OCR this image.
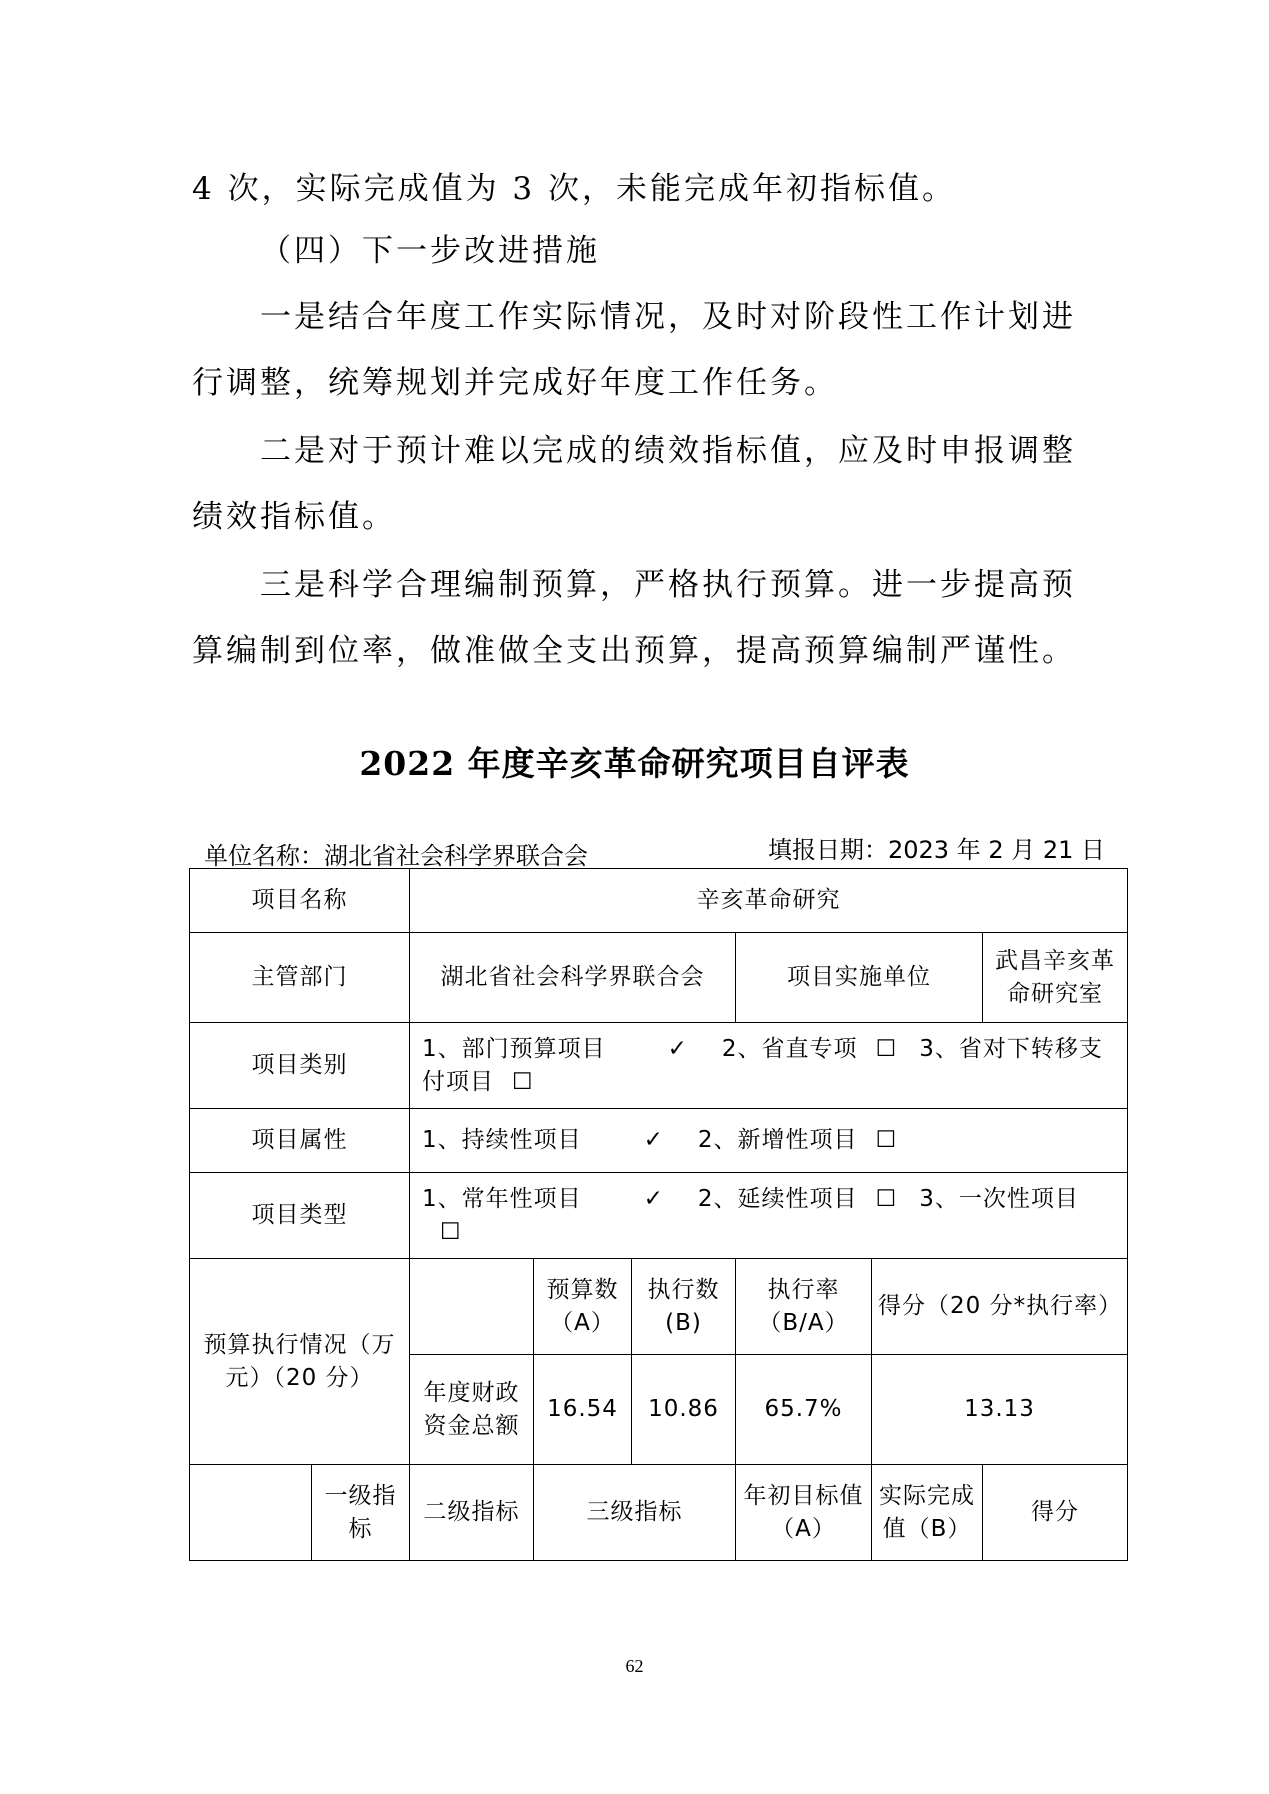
4 次，实际完成值为 3 次，未能完成年初指标值。

（四）下一步改进措施

一是结合年度工作实际情况，及时对阶段性工作计划进

行调整，统筹规划并完成好年度工作任务。

二是对于预计难以完成的绩效指标值，应及时申报调整

绩效指标值。

三是科学合理编制预算，严格执行预算。进一步提高预

算编制到位率，做准做全支出预算，提高预算编制严谨性。

2022 年度辛亥革命研究项目自评表
单位名称：湖北省社会科学界联合会	填报日期：2023 年 2 月 21 日
项目名称		辛亥革命研究					
主管部门		湖北省社会科学界联合会			项目实施单位		武昌辛亥革命研究室
项目类别		1、部门预算项目 ✓ 2、省直专项 ☐ 3、省对下转移支付项目 ☐					
项目属性		1、持续性项目 ✓ 2、新增性项目 ☐					
项目类型		1、常年性项目 ✓ 2、延续性项目 ☐ 3、一次性项目☐					
预算执行情况（万元）（20 分）			预算数（A）	执行数(B)	执行率（B/A）	得分（20 分*执行率）	
		年度财政资金总额	16.54	10.86	65.7%	13.13	
	一级指标	二级指标	三级指标		年初目标值（A）	实际完成值（B）	得分
62
